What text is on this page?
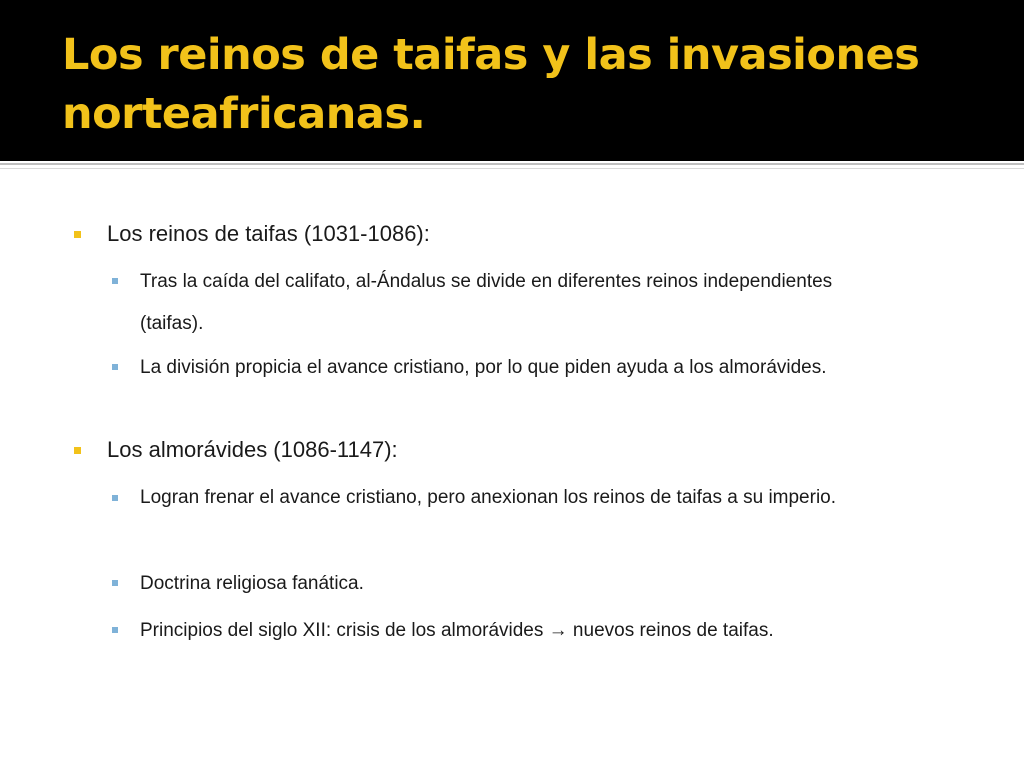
Los reinos de taifas y las invasiones norteafricanas.
Los reinos de taifas (1031-1086):
Tras la caída del califato, al-Ándalus se divide en diferentes reinos independientes (taifas).
La división propicia el avance cristiano, por lo que piden ayuda a los almorávides.
Los almorávides (1086-1147):
Logran frenar el avance cristiano, pero anexionan los reinos de taifas a su imperio.
Doctrina religiosa fanática.
Principios del siglo XII: crisis de los almorávides → nuevos reinos de taifas.
